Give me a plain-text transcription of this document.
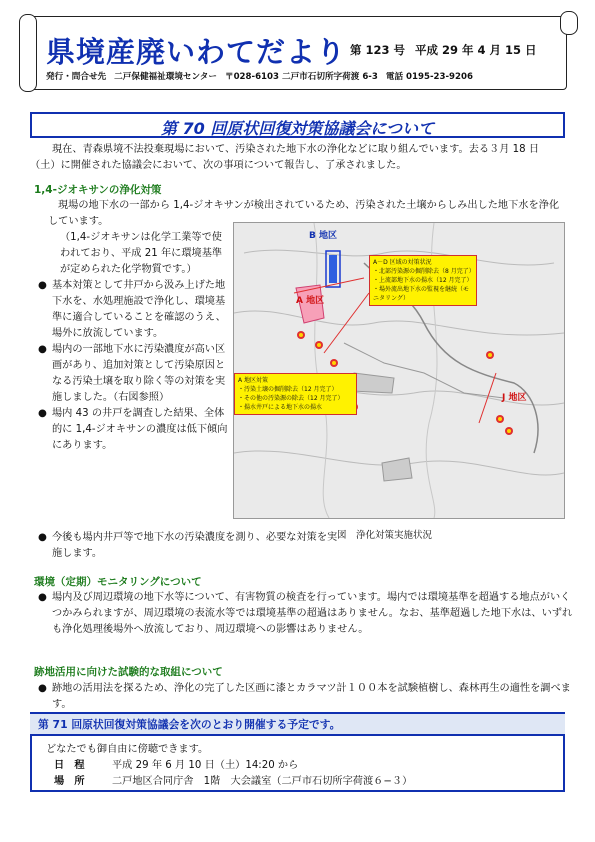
県境産廃いわてだより 第 123 号 平成 29 年 4 月 15 日
発行・問合せ先 二戸保健福祉環境センター 〒028-6103 二戸市石切所字荷渡 6-3 電話 0195-23-9206
第 70 回原状回復対策協議会について
現在、青森県境不法投棄現場において、汚染された地下水の浄化などに取り組んでいます。去る３月 18 日（土）に開催された協議会において、次の事項について報告し、了承されました。
1,4-ジオキサンの浄化対策
現場の地下水の一部から 1,4-ジオキサンが検出されているため、汚染された土壌からしみ出した地下水を浄化しています。
（1,4-ジオキサンは化学工業等で使われており、平成 21 年に環境基準が定められた化学物質です。）
● 基本対策として井戸から汲み上げた地下水を、水処理施設で浄化し、環境基準に適合していることを確認のうえ、場外に放流しています。
● 場内の一部地下水に汚染濃度が高い区画があり、追加対策として汚染原因となる汚染土壌を取り除く等の対策を実施しました。（右図参照）
● 場内 43 の井戸を調査した結果、全体的に 1,4-ジオキサンの濃度は低下傾向にあります。
● 今後も場内井戸等で地下水の汚染濃度を測り、必要な対策を実施します。
B 地区
A 地区
J 地区
A－D 区域の対策状況
・北部汚染源の掘削除去（8 月完了）
・上流部地下水の揚水（12 月完了）
・場外流出地下水の監視を継続（モニタリング）
A 地区対策
・汚染土壌の掘削除去（12 月完了）
・その他の汚染源の除去（12 月完了）
・揚水井戸による地下水の揚水
図　浄化対策実施状況
環境（定期）モニタリングについて
● 場内及び周辺環境の地下水等について、有害物質の検査を行っています。場内では環境基準を超過する地点がいくつかみられますが、周辺環境の表流水等では環境基準の超過はありません。なお、基準超過した地下水は、いずれも浄化処理後場外へ放流しており、周辺環境への影響はありません。
跡地活用に向けた試験的な取組について
● 跡地の活用法を探るため、浄化の完了した区画に漆とカラマツ計１００本を試験植樹し、森林再生の適性を調べます。
第 71 回原状回復対策協議会を次のとおり開催する予定です。
どなたでも御自由に傍聴できます。
日　程	平成 29 年 6 月 10 日（土）14:20 から
場　所	二戸地区合同庁舎　1階　大会議室（二戸市石切所字荷渡６−３）
